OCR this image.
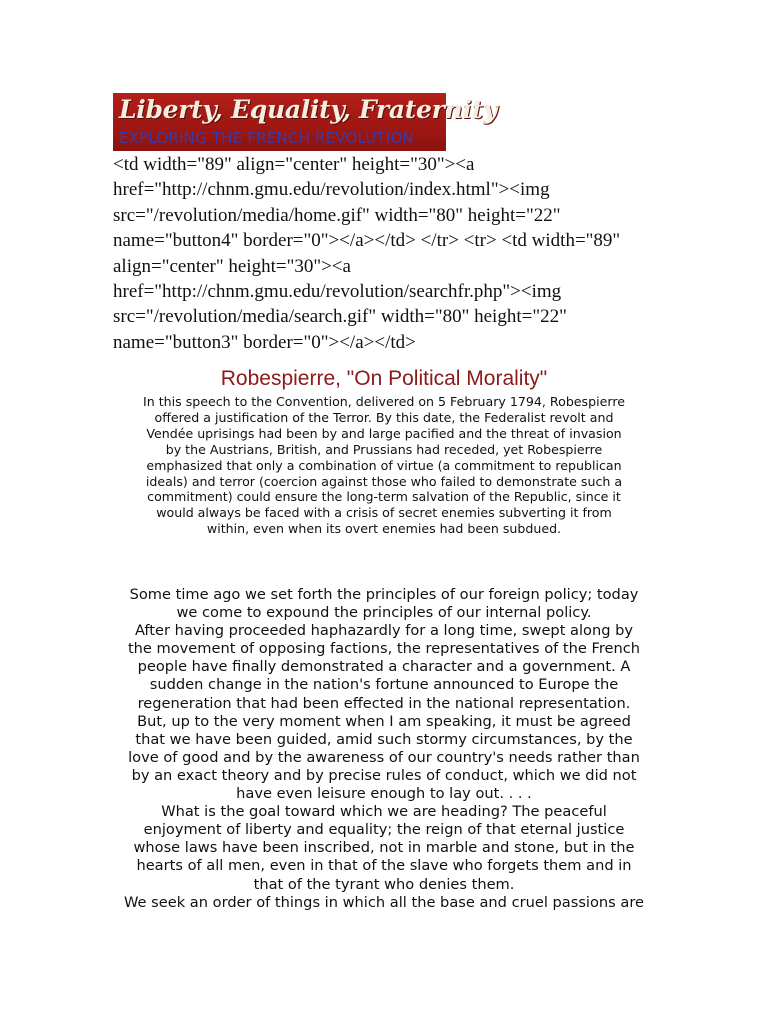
Liberty, Equality, Fraternity
EXPLORING THE FRENCH REVOLUTION
<td width="89" align="center" height="30"><a
href="http://chnm.gmu.edu/revolution/index.html"><img
src="/revolution/media/home.gif" width="80" height="22"
name="button4" border="0"></a></td> </tr> <tr> <td width="89"
align="center" height="30"><a
href="http://chnm.gmu.edu/revolution/searchfr.php"><img
src="/revolution/media/search.gif" width="80" height="22"
name="button3" border="0"></a></td>
Robespierre, "On Political Morality"
In this speech to the Convention, delivered on 5 February 1794, Robespierre
offered a justification of the Terror. By this date, the Federalist revolt and
Vendée uprisings had been by and large pacified and the threat of invasion
by the Austrians, British, and Prussians had receded, yet Robespierre
emphasized that only a combination of virtue (a commitment to republican
ideals) and terror (coercion against those who failed to demonstrate such a
commitment) could ensure the long-term salvation of the Republic, since it
would always be faced with a crisis of secret enemies subverting it from
within, even when its overt enemies had been subdued.
Some time ago we set forth the principles of our foreign policy; today
we come to expound the principles of our internal policy.
After having proceeded haphazardly for a long time, swept along by
the movement of opposing factions, the representatives of the French
people have finally demonstrated a character and a government. A
sudden change in the nation's fortune announced to Europe the
regeneration that had been effected in the national representation.
But, up to the very moment when I am speaking, it must be agreed
that we have been guided, amid such stormy circumstances, by the
love of good and by the awareness of our country's needs rather than
by an exact theory and by precise rules of conduct, which we did not
have even leisure enough to lay out. . . .
What is the goal toward which we are heading? The peaceful
enjoyment of liberty and equality; the reign of that eternal justice
whose laws have been inscribed, not in marble and stone, but in the
hearts of all men, even in that of the slave who forgets them and in
that of the tyrant who denies them.
We seek an order of things in which all the base and cruel passions are
